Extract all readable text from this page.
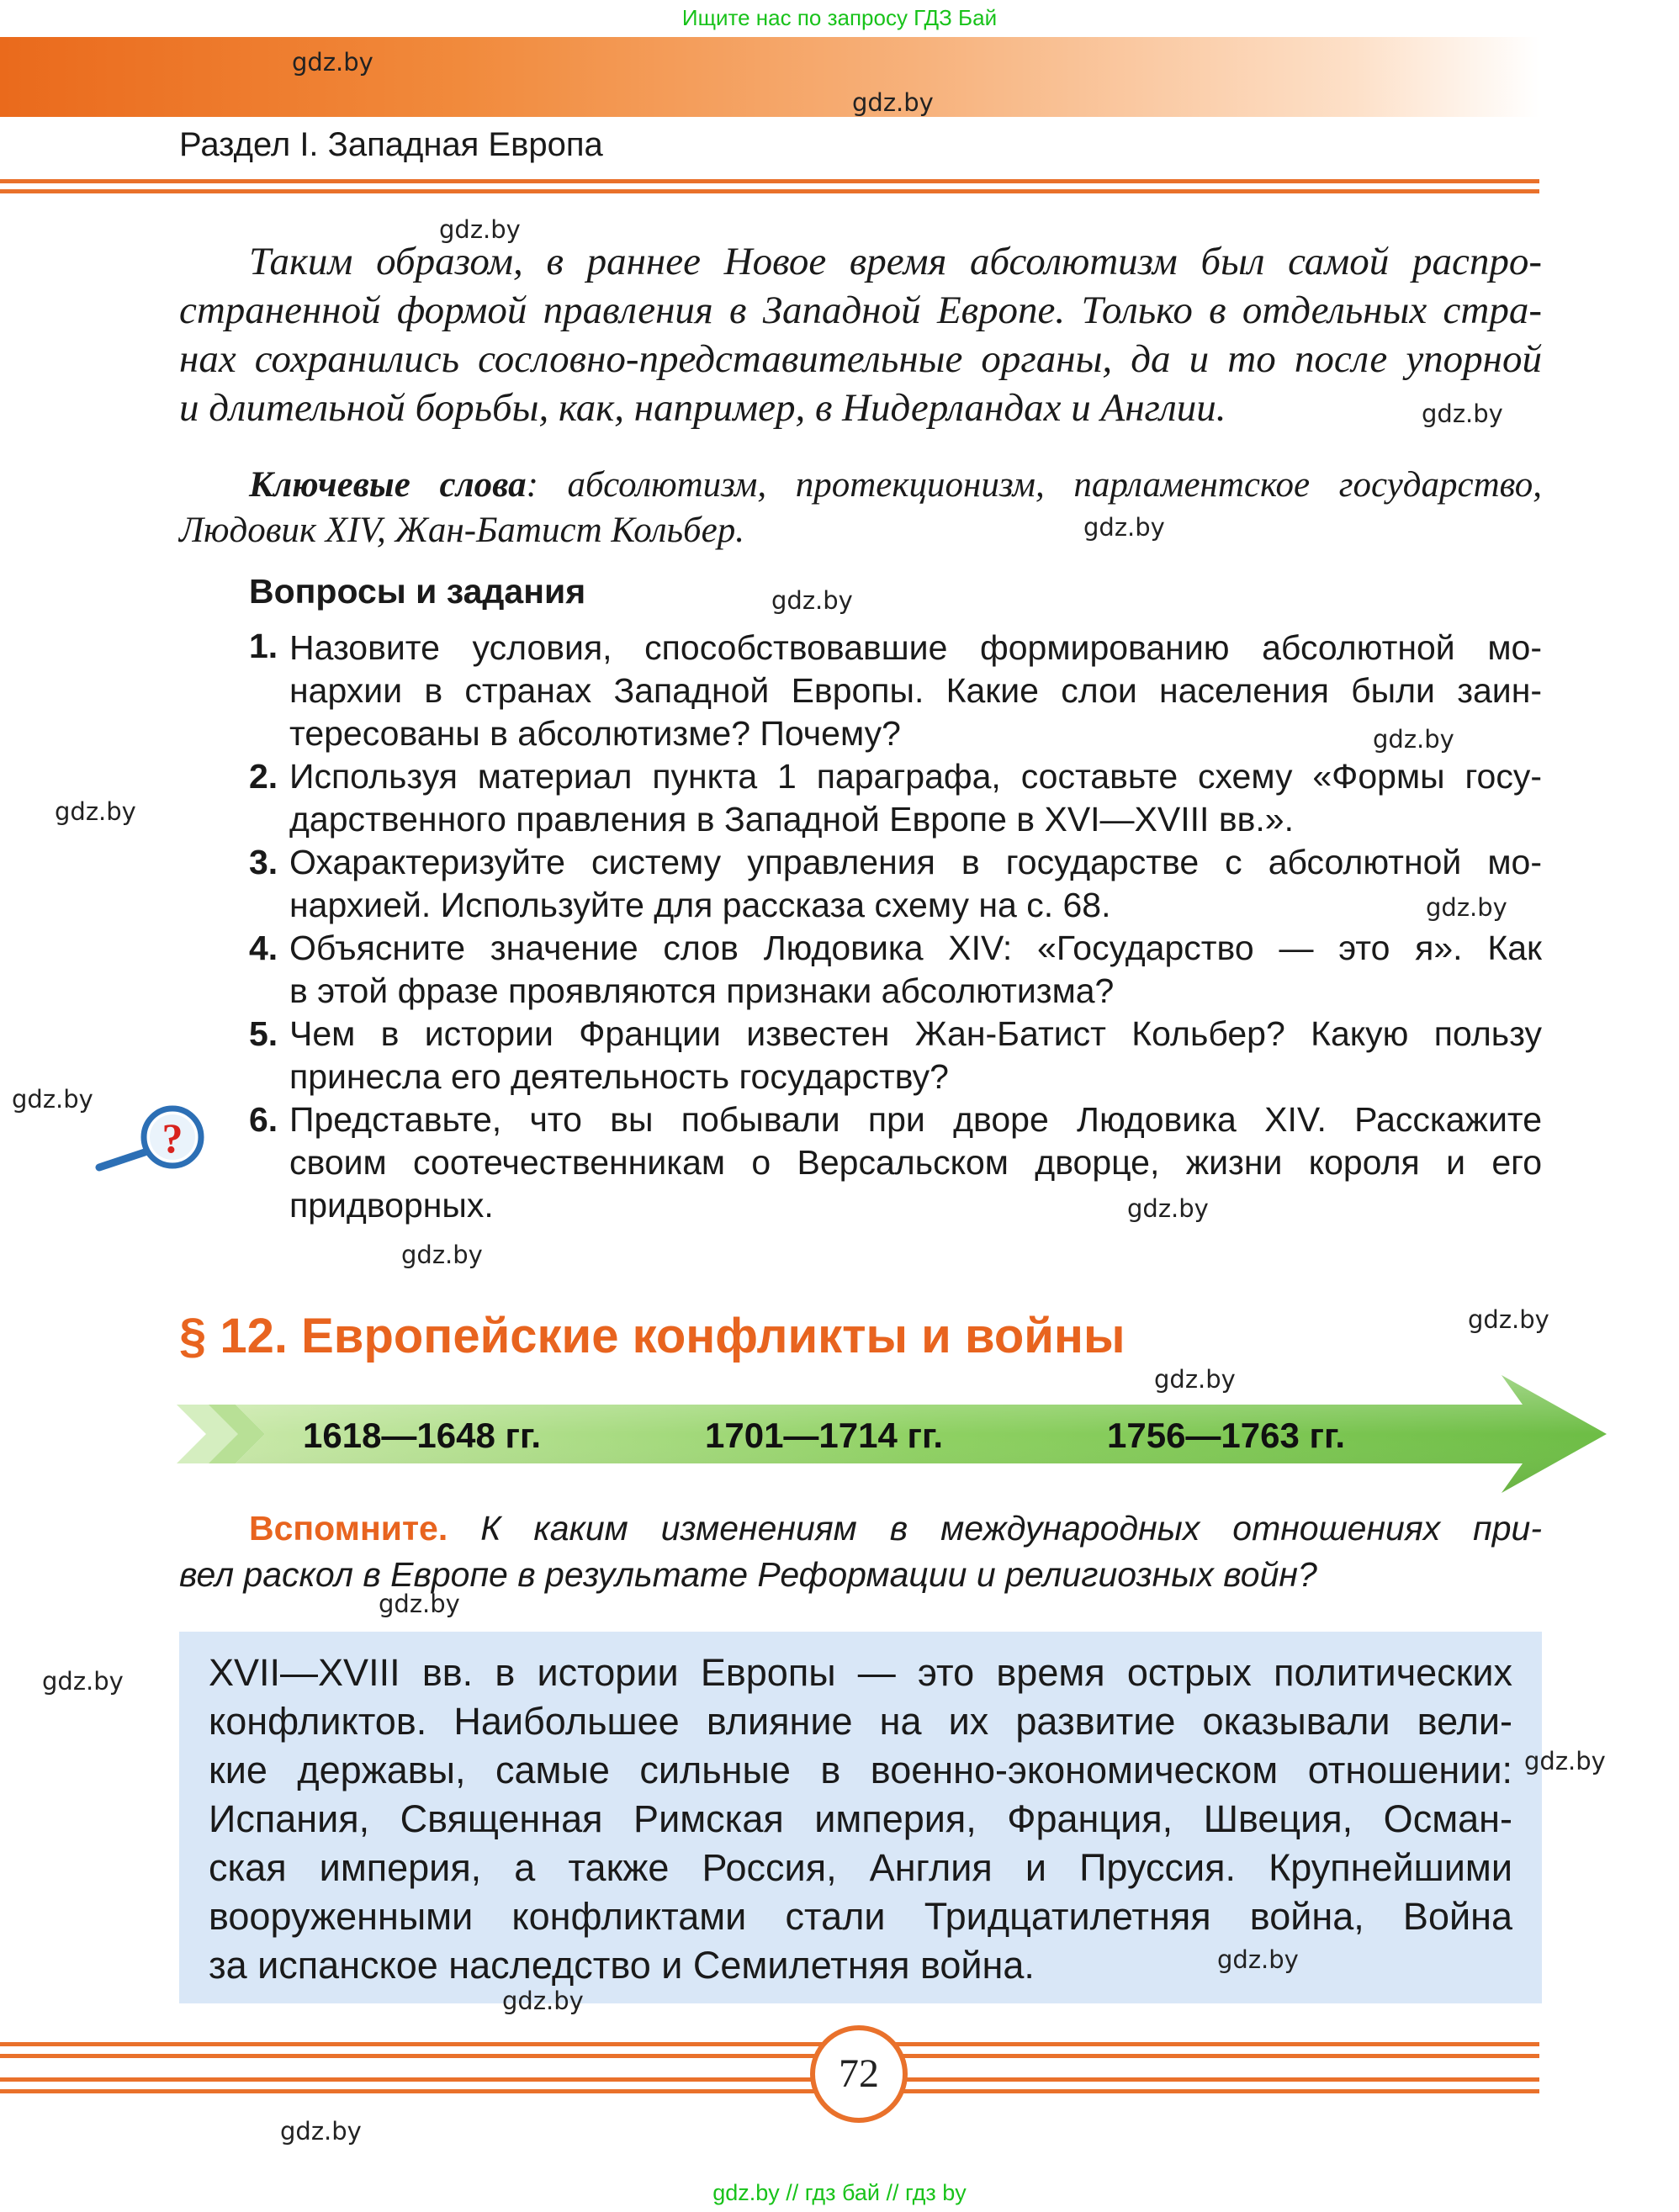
Ищите нас по запросу ГДЗ Бай
Раздел I. Западная Европа
Таким образом, в раннее Новое время абсолютизм был самой распро-
страненной формой правления в Западной Европе. Только в отдельных стра-
нах сохранились сословно-представительные органы, да и то после упорной
и длительной борьбы, как, например, в Нидерландах и Англии.
Ключевые слова: абсолютизм, протекционизм, парламентское государство,
Людовик XIV, Жан-Батист Кольбер.
Вопросы и задания
1. Назовите условия, способствовавшие формированию абсолютной мо-
нархии в странах Западной Европы. Какие слои населения были заин-
тересованы в абсолютизме? Почему?
2. Используя материал пункта 1 параграфа, составьте схему «Формы госу-
дарственного правления в Западной Европе в XVI—XVIII вв.».
3. Охарактеризуйте систему управления в государстве с абсолютной мо-
нархией. Используйте для рассказа схему на с. 68.
4. Объясните значение слов Людовика XIV: «Государство — это я». Как
в этой фразе проявляются признаки абсолютизма?
5. Чем в истории Франции известен Жан-Батист Кольбер? Какую пользу
принесла его деятельность государству?
6. Представьте, что вы побывали при дворе Людовика XIV. Расскажите
своим соотечественникам о Версальском дворце, жизни короля и его
придворных.
?
§ 12. Европейские конфликты и войны
1618—1648 гг.	1701—1714 гг.	1756—1763 гг.
Вспомните. К каким изменениям в международных отношениях при-
вел раскол в Европе в результате Реформации и религиозных войн?
XVII—XVIII вв. в истории Европы — это время острых политических
конфликтов. Наибольшее влияние на их развитие оказывали вели-
кие державы, самые сильные в военно-экономическом отношении:
Испания, Священная Римская империя, Франция, Швеция, Осман-
ская империя, а также Россия, Англия и Пруссия. Крупнейшими
вооруженными конфликтами стали Тридцатилетняя война, Война
за испанское наследство и Семилетняя война.
72
gdz.by // гдз бай // гдз by
gdz.by
gdz.by
gdz.by
gdz.by
gdz.by
gdz.by
gdz.by
gdz.by
gdz.by
gdz.by
gdz.by
gdz.by
gdz.by
gdz.by
gdz.by
gdz.by
gdz.by
gdz.by
gdz.by
gdz.by
